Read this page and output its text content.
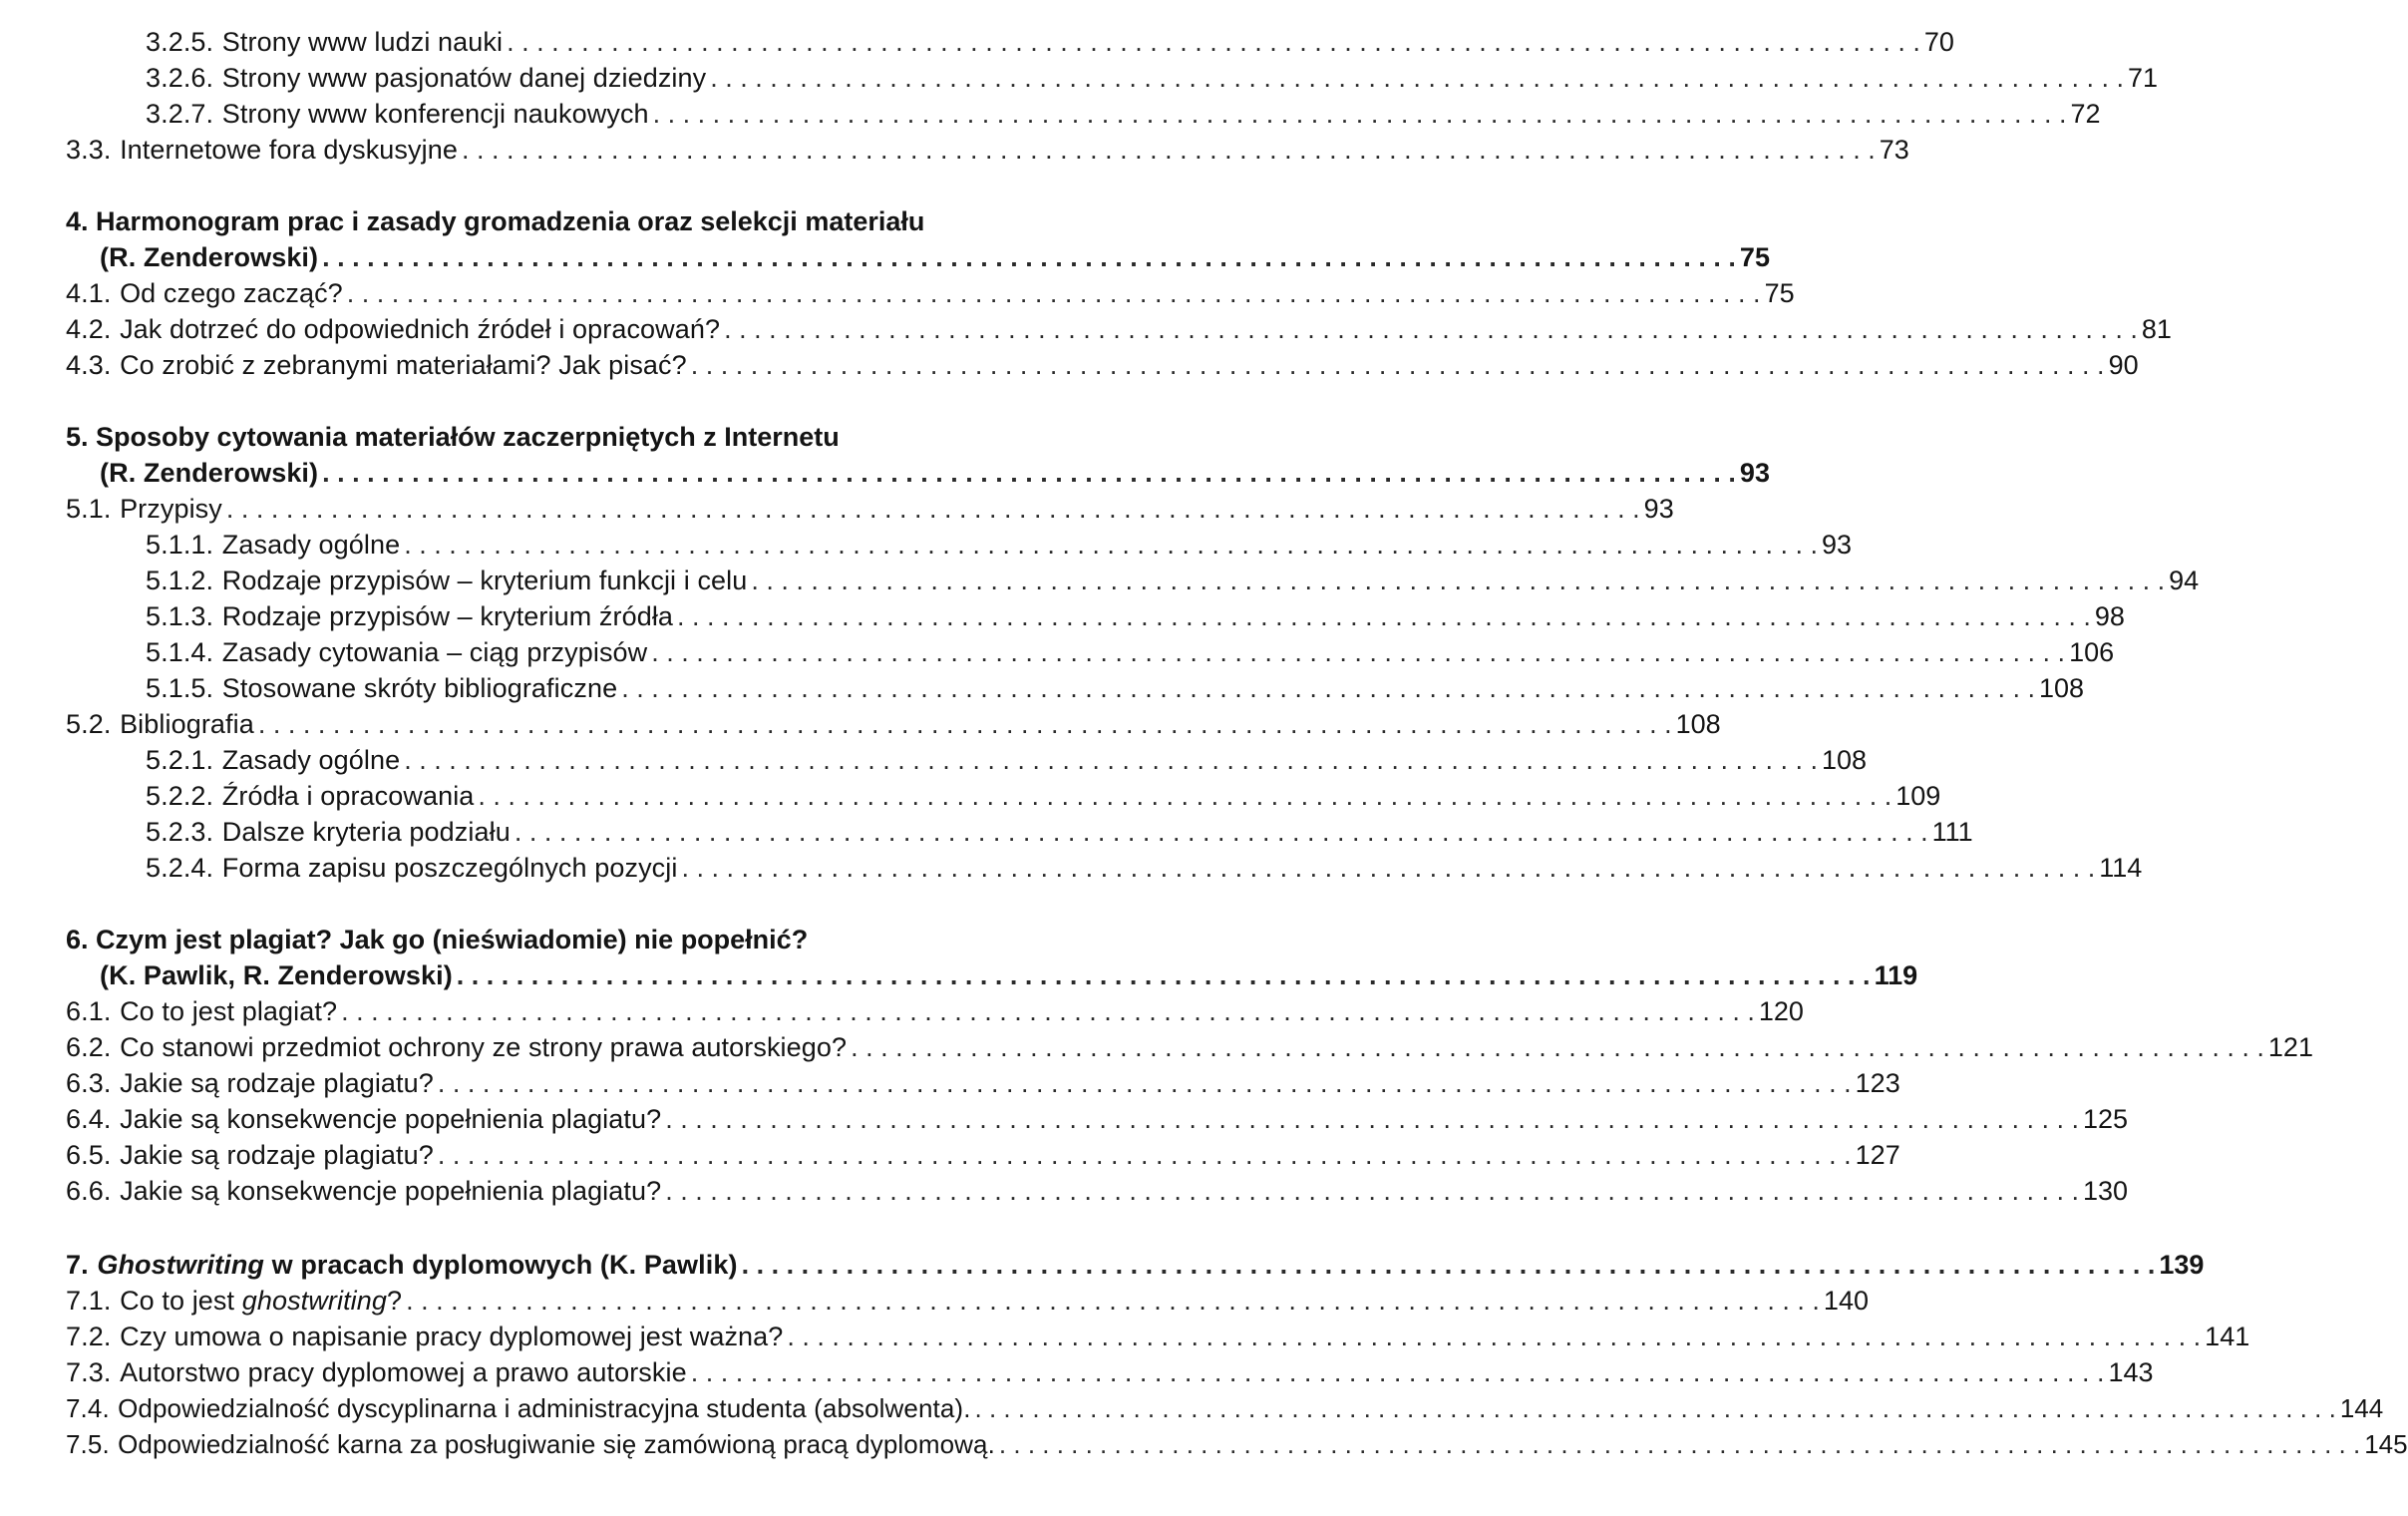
3.2.5. Strony www ludzi nauki . . .	70
3.2.6. Strony www pasjonatów danej dziedziny . . .	71
3.2.7. Strony www konferencji naukowych . . .	72
3.3. Internetowe fora dyskusyjne . . .	73
4. Harmonogram prac i zasady gromadzenia oraz selekcji materiału
(R. Zenderowski) . . .	75
4.1. Od czego zacząć? . . .	75
4.2. Jak dotrzeć do odpowiednich źródeł i opracowań? . . .	81
4.3. Co zrobić z zebranymi materiałami? Jak pisać? . . .	90
5. Sposoby cytowania materiałów zaczerpniętych z Internetu
(R. Zenderowski) . . .	93
5.1. Przypisy . . .	93
5.1.1. Zasady ogólne . . .	93
5.1.2. Rodzaje przypisów – kryterium funkcji i celu . . .	94
5.1.3. Rodzaje przypisów – kryterium źródła . . .	98
5.1.4. Zasady cytowania – ciąg przypisów . . .	106
5.1.5. Stosowane skróty bibliograficzne . . .	108
5.2. Bibliografia . . .	108
5.2.1. Zasady ogólne . . .	108
5.2.2. Źródła i opracowania . . .	109
5.2.3. Dalsze kryteria podziału . . .	111
5.2.4. Forma zapisu poszczególnych pozycji . . .	114
6. Czym jest plagiat? Jak go (nieświadomie) nie popełnić?
(K. Pawlik, R. Zenderowski) . . .	119
6.1. Co to jest plagiat? . . .	120
6.2. Co stanowi przedmiot ochrony ze strony prawa autorskiego? . . .	121
6.3. Jakie są rodzaje plagiatu? . . .	123
6.4. Jakie są konsekwencje popełnienia plagiatu? . . .	125
6.5. Jakie są rodzaje plagiatu? . . .	127
6.6. Jakie są konsekwencje popełnienia plagiatu? . . .	130
7. Ghostwriting w pracach dyplomowych (K. Pawlik) . . .	139
7.1. Co to jest ghostwriting? . . .	140
7.2. Czy umowa o napisanie pracy dyplomowej jest ważna? . . .	141
7.3. Autorstwo pracy dyplomowej a prawo autorskie . . .	143
7.4. Odpowiedzialność dyscyplinarna i administracyjna studenta (absolwenta). . . .	144
7.5. Odpowiedzialność karna za posługiwanie się zamówioną pracą dyplomową. . . .	145
